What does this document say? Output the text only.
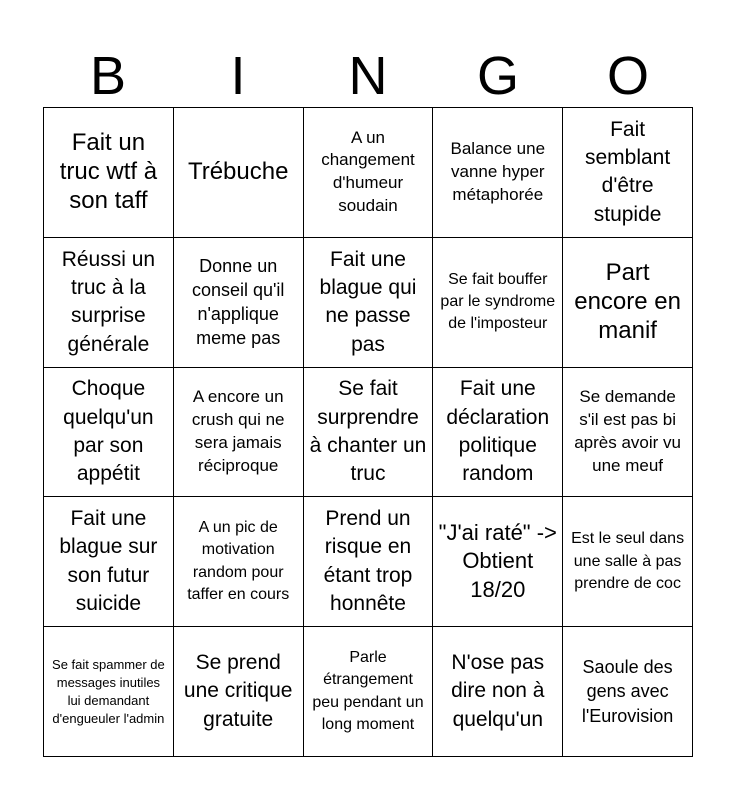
B	I	N	G	O
Fait un truc wtf à son taff
Trébuche
A un changement d'humeur soudain
Balance une vanne hyper métaphorée
Fait semblant d'être stupide
Réussi un truc à la surprise générale
Donne un conseil qu'il n'applique meme pas
Fait une blague qui ne passe pas
Se fait bouffer par le syndrome de l'imposteur
Part encore en manif
Choque quelqu'un par son appétit
A encore un crush qui ne sera jamais réciproque
Se fait surprendre à chanter un truc
Fait une déclaration politique random
Se demande s'il est pas bi après avoir vu une meuf
Fait une blague sur son futur suicide
A un pic de motivation random pour taffer en cours
Prend un risque en étant trop honnête
"J'ai raté" -> Obtient 18/20
Est le seul dans une salle à pas prendre de coc
Se fait spammer de messages inutiles lui demandant d'engueuler l'admin
Se prend une critique gratuite
Parle étrangement peu pendant un long moment
N'ose pas dire non à quelqu'un
Saoule des gens avec l'Eurovision
